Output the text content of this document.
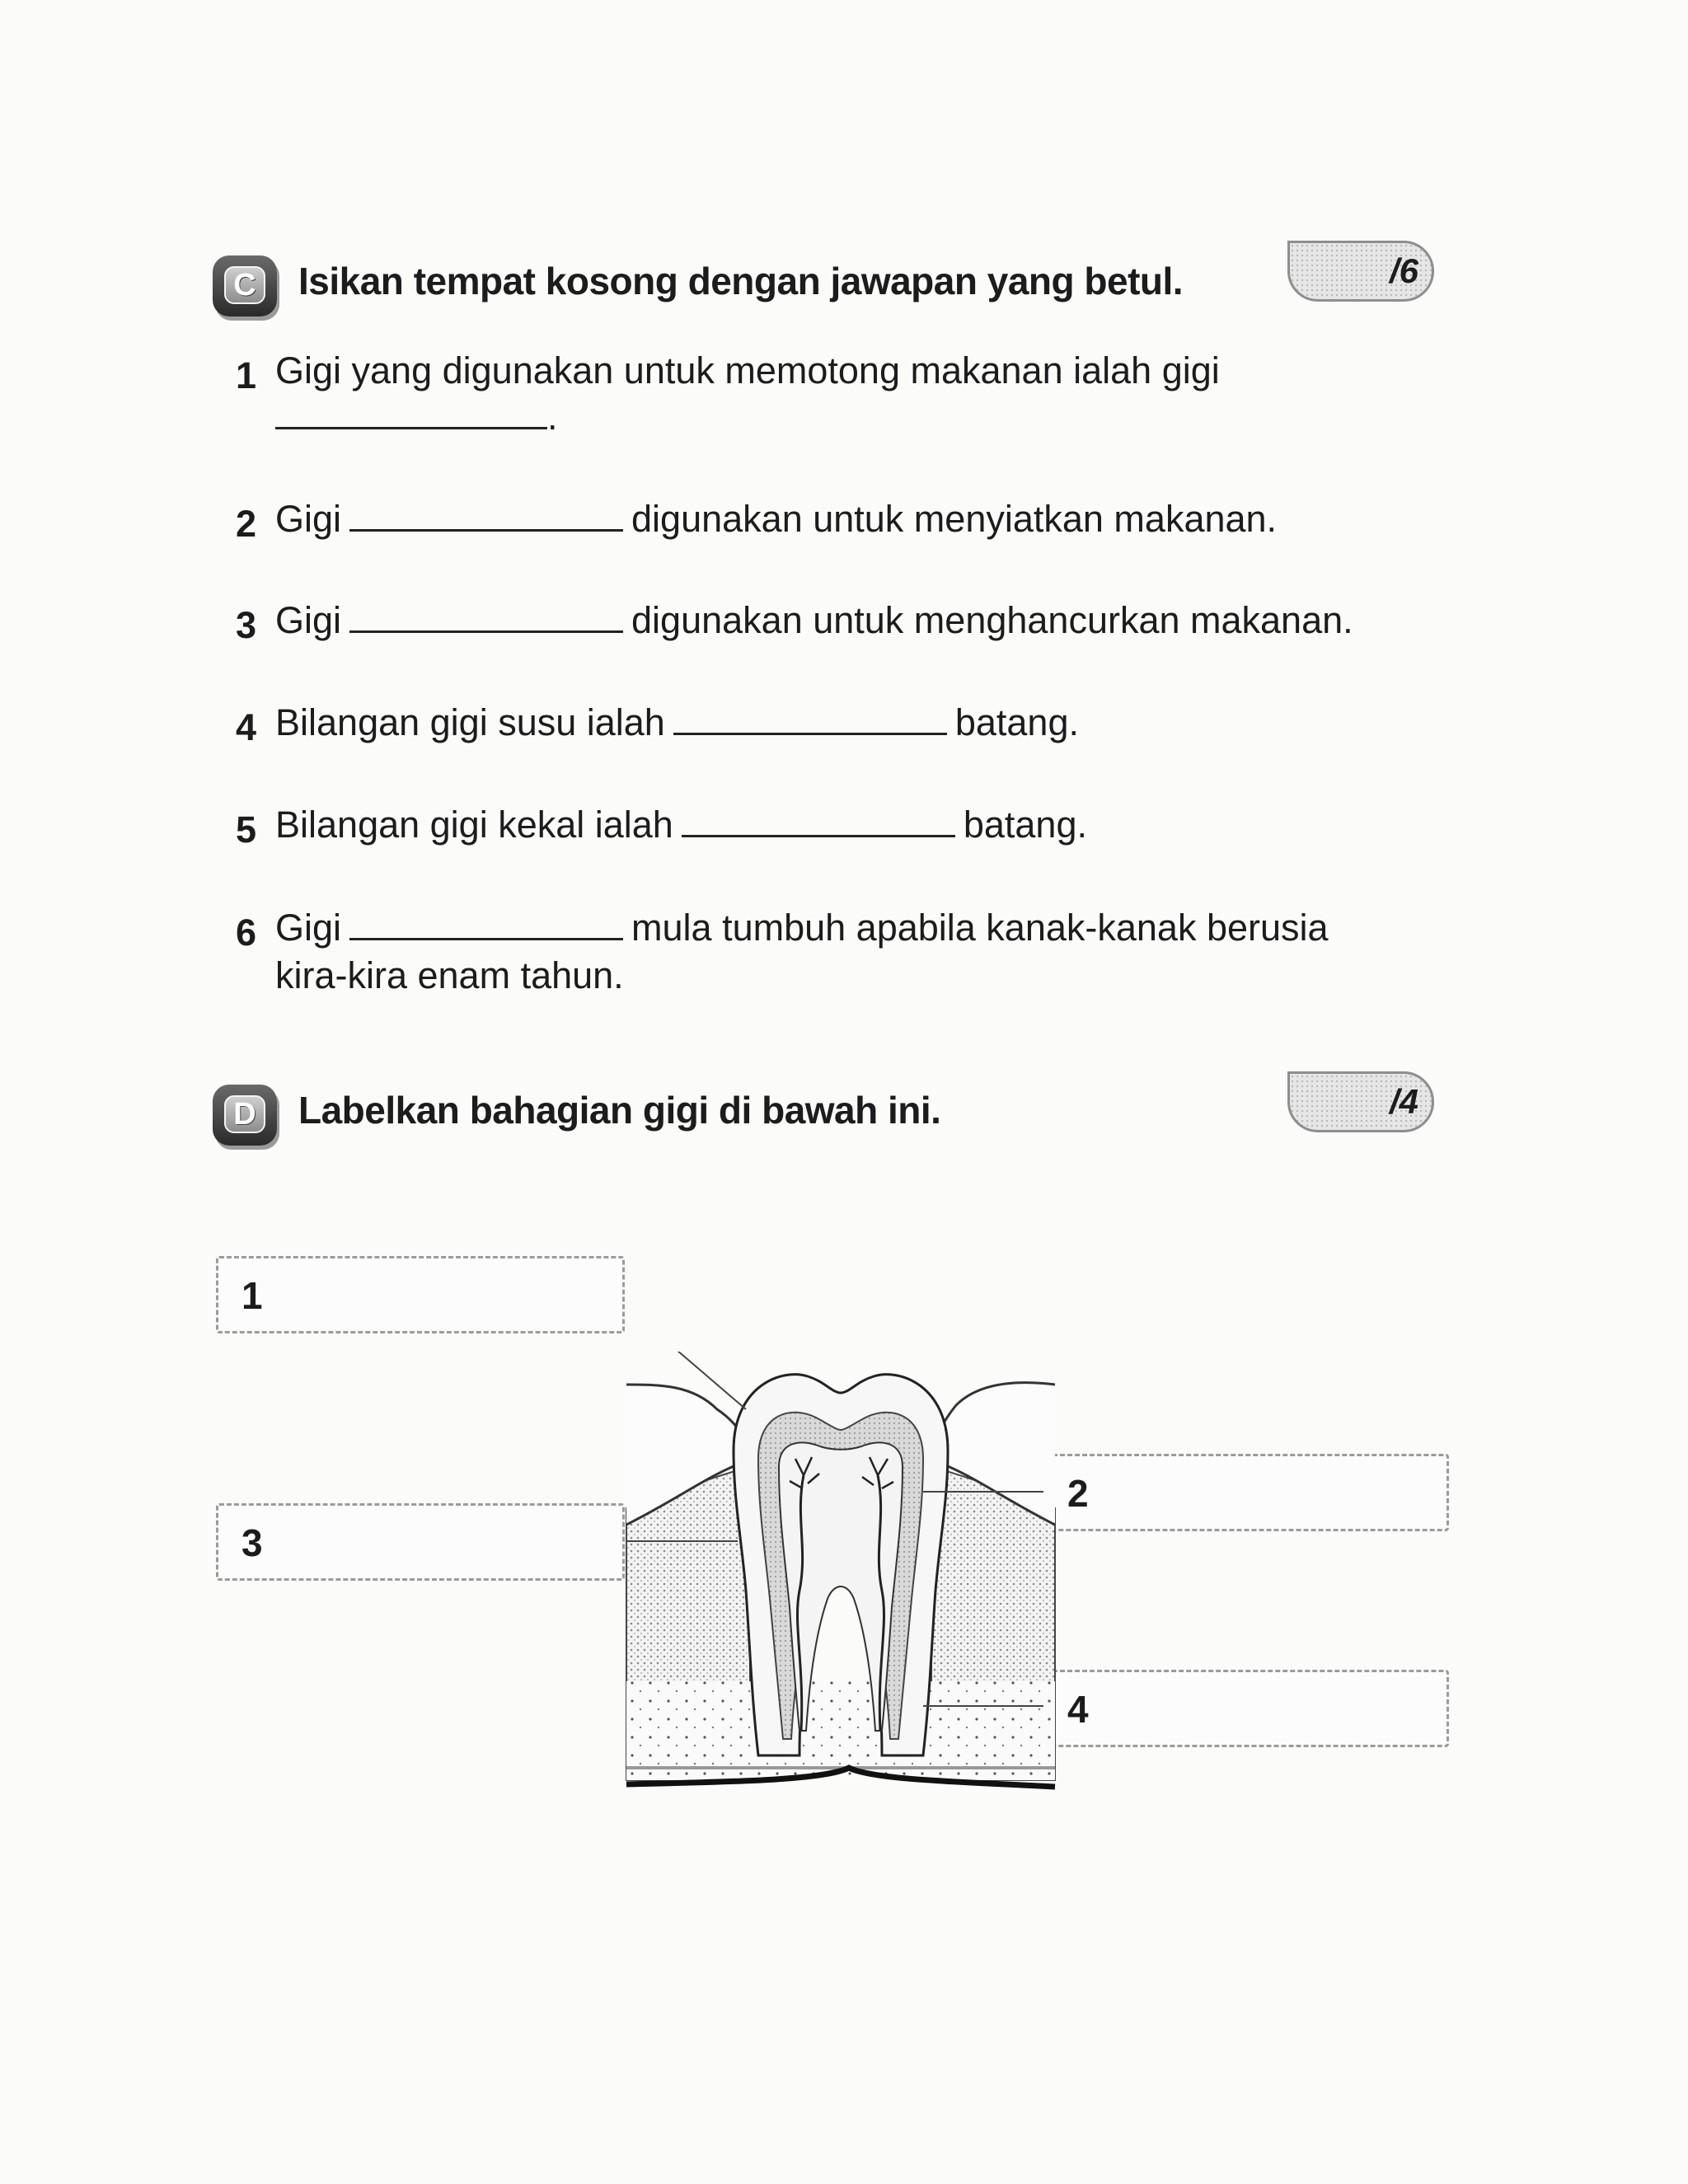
C Isikan tempat kosong dengan jawapan yang betul.	/6
1 Gigi yang digunakan untuk memotong makanan ialah gigi
.
2 Gigi	digunakan untuk menyiatkan makanan.
3 Gigi	digunakan untuk menghancurkan makanan.
4 Bilangan gigi susu ialah	batang.
5 Bilangan gigi kekal ialah	batang.
6 Gigi	mula tumbuh apabila kanak-kanak berusia
kira-kira enam tahun.
D Labelkan bahagian gigi di bawah ini.	/4
1
2
3
4
